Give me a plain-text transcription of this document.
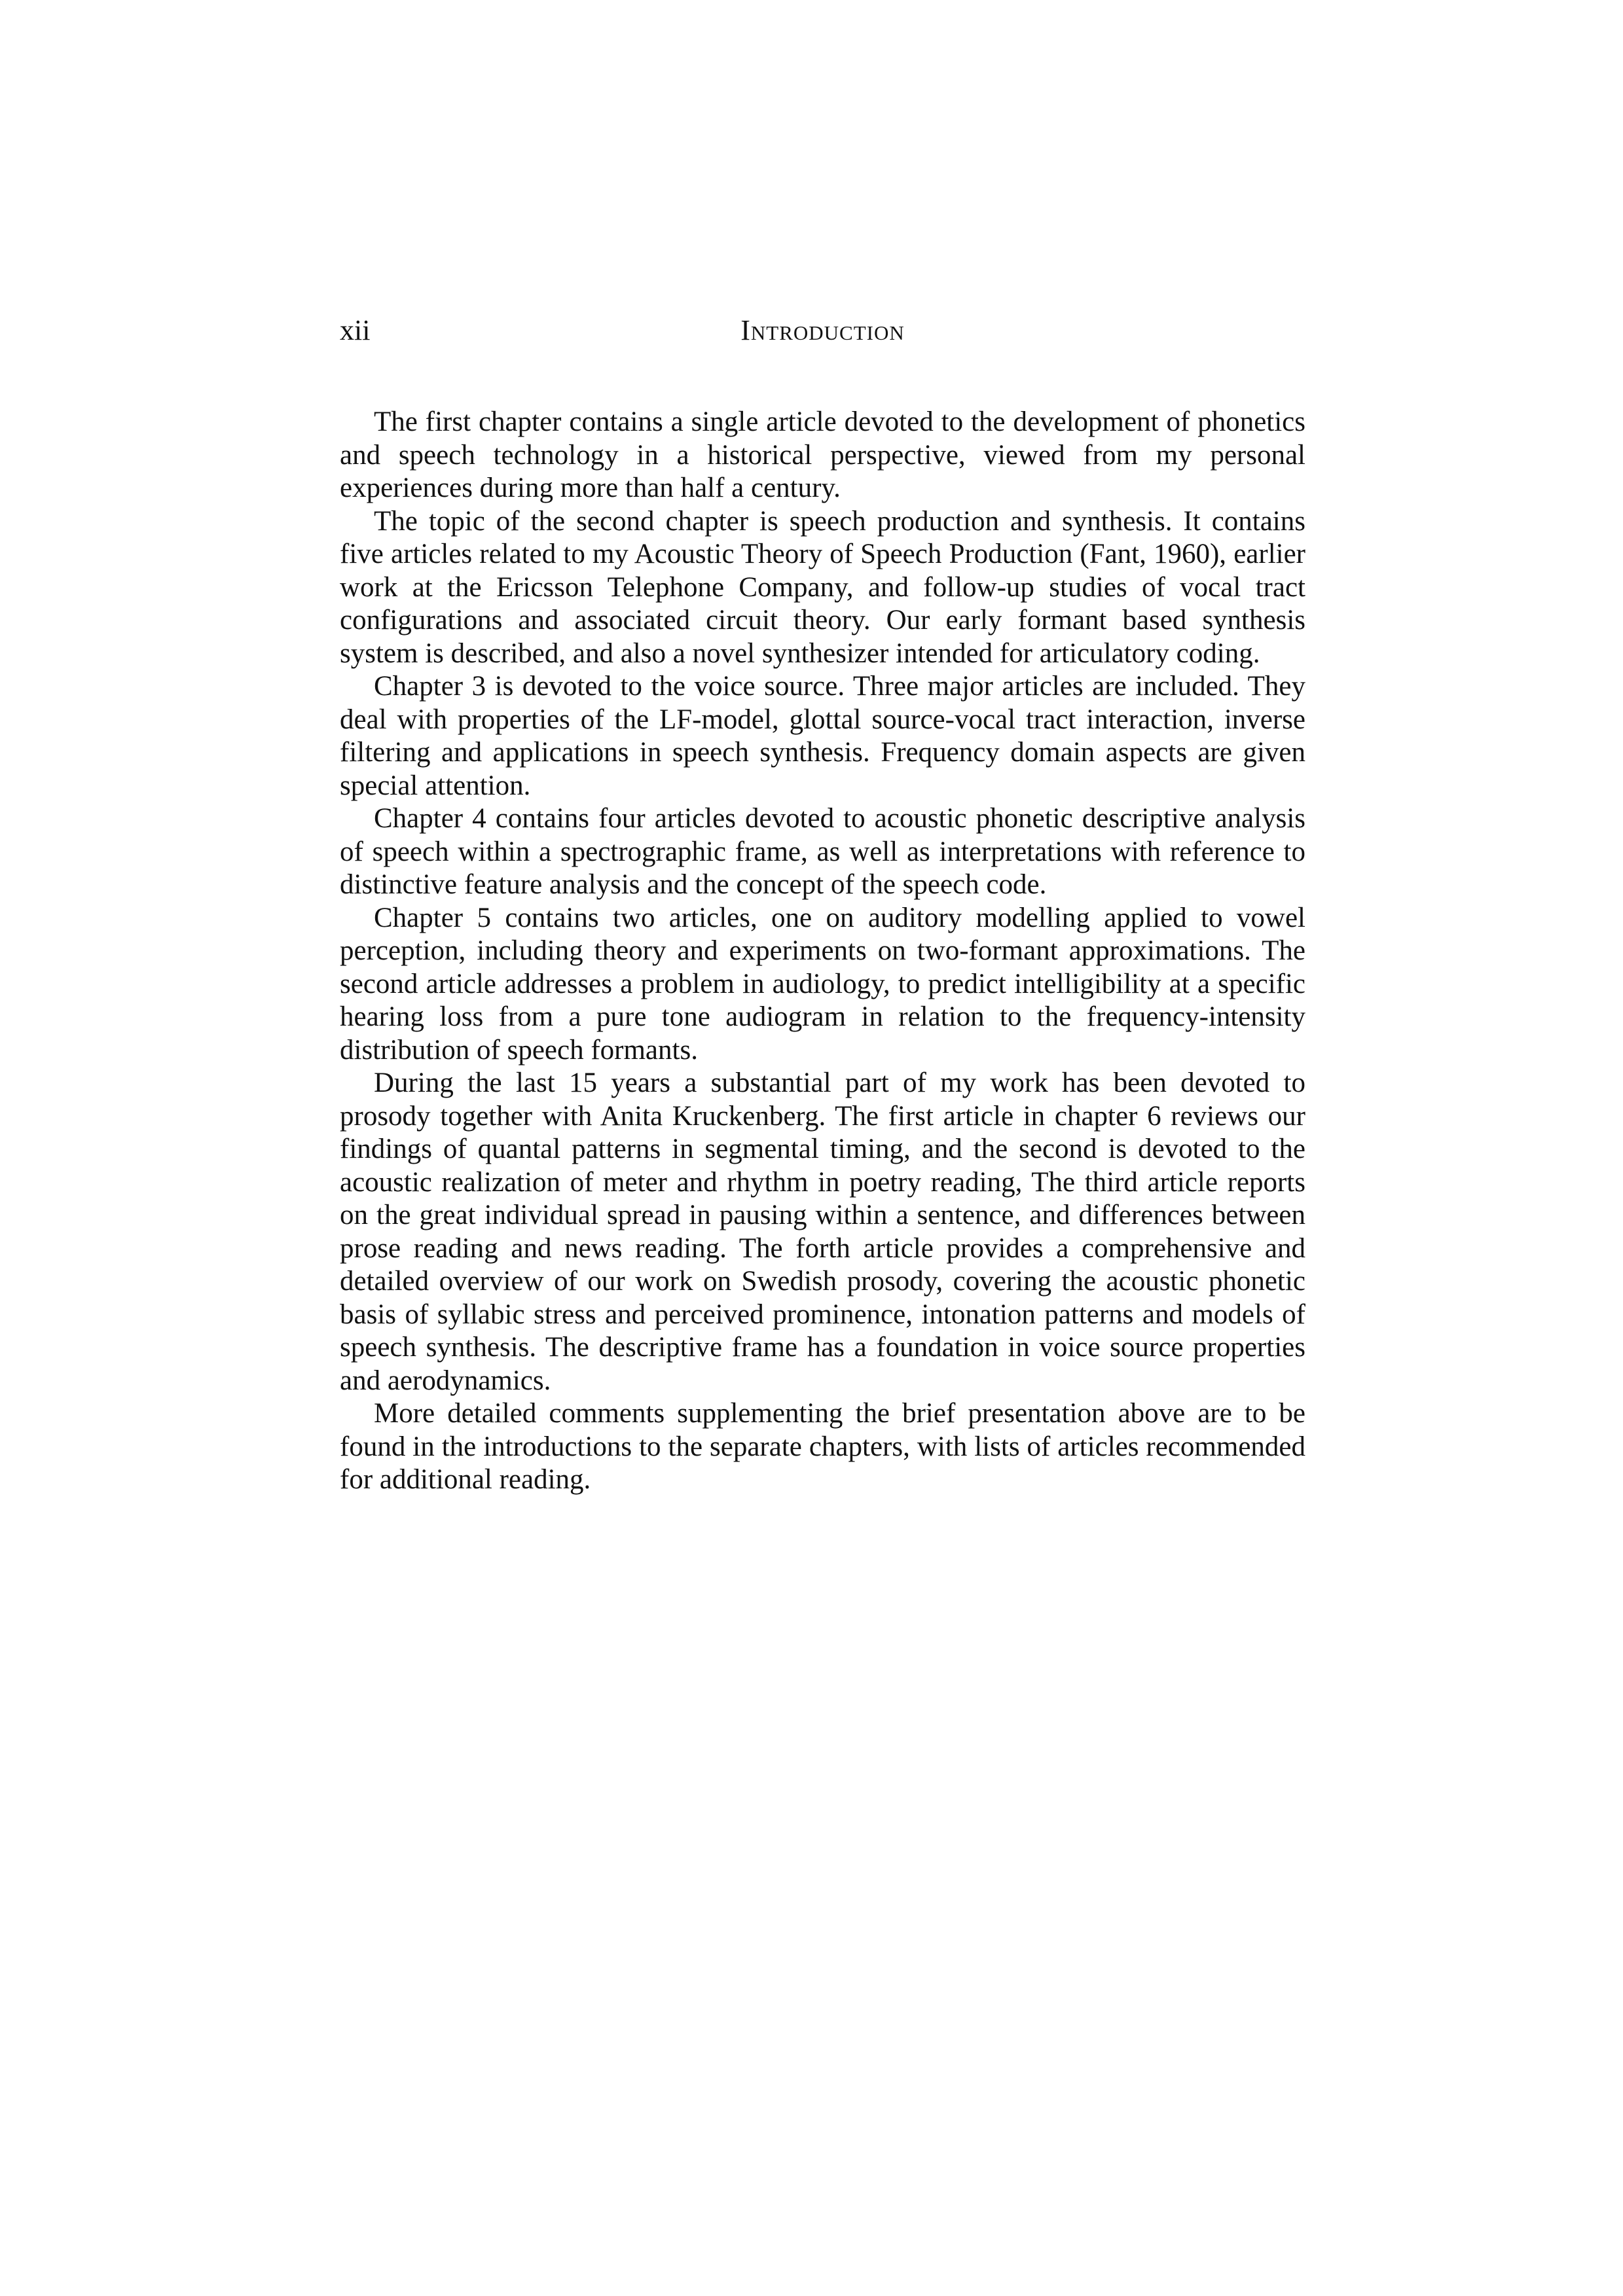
xii	Introduction

The first chapter contains a single article devoted to the development of phonetics and speech technology in a historical perspective, viewed from my personal experiences during more than half a century.

The topic of the second chapter is speech production and synthesis. It contains five articles related to my Acoustic Theory of Speech Production (Fant, 1960), earlier work at the Ericsson Telephone Company, and follow-up studies of vocal tract configurations and associated circuit theory. Our early formant based synthesis system is described, and also a novel synthesizer intended for articulatory coding.

Chapter 3 is devoted to the voice source. Three major articles are included. They deal with properties of the LF-model, glottal source-vocal tract interaction, inverse filtering and applications in speech synthesis. Frequency domain aspects are given special attention.

Chapter 4 contains four articles devoted to acoustic phonetic descriptive analysis of speech within a spectrographic frame, as well as interpretations with reference to distinctive feature analysis and the concept of the speech code.

Chapter 5 contains two articles, one on auditory modelling applied to vowel perception, including theory and experiments on two-formant approximations. The second article addresses a problem in audiology, to predict intelligibility at a specific hearing loss from a pure tone audiogram in relation to the frequency-intensity distribution of speech formants.

During the last 15 years a substantial part of my work has been devoted to prosody together with Anita Kruckenberg. The first article in chapter 6 reviews our findings of quantal patterns in segmental timing, and the second is devoted to the acoustic realization of meter and rhythm in poetry reading, The third article reports on the great individual spread in pausing within a sentence, and differences between prose reading and news reading. The forth article provides a comprehensive and detailed overview of our work on Swedish prosody, covering the acoustic phonetic basis of syllabic stress and perceived prominence, intonation patterns and models of speech synthesis. The descriptive frame has a foundation in voice source properties and aerodynamics.

More detailed comments supplementing the brief presentation above are to be found in the introductions to the separate chapters, with lists of articles recommended for additional reading.
